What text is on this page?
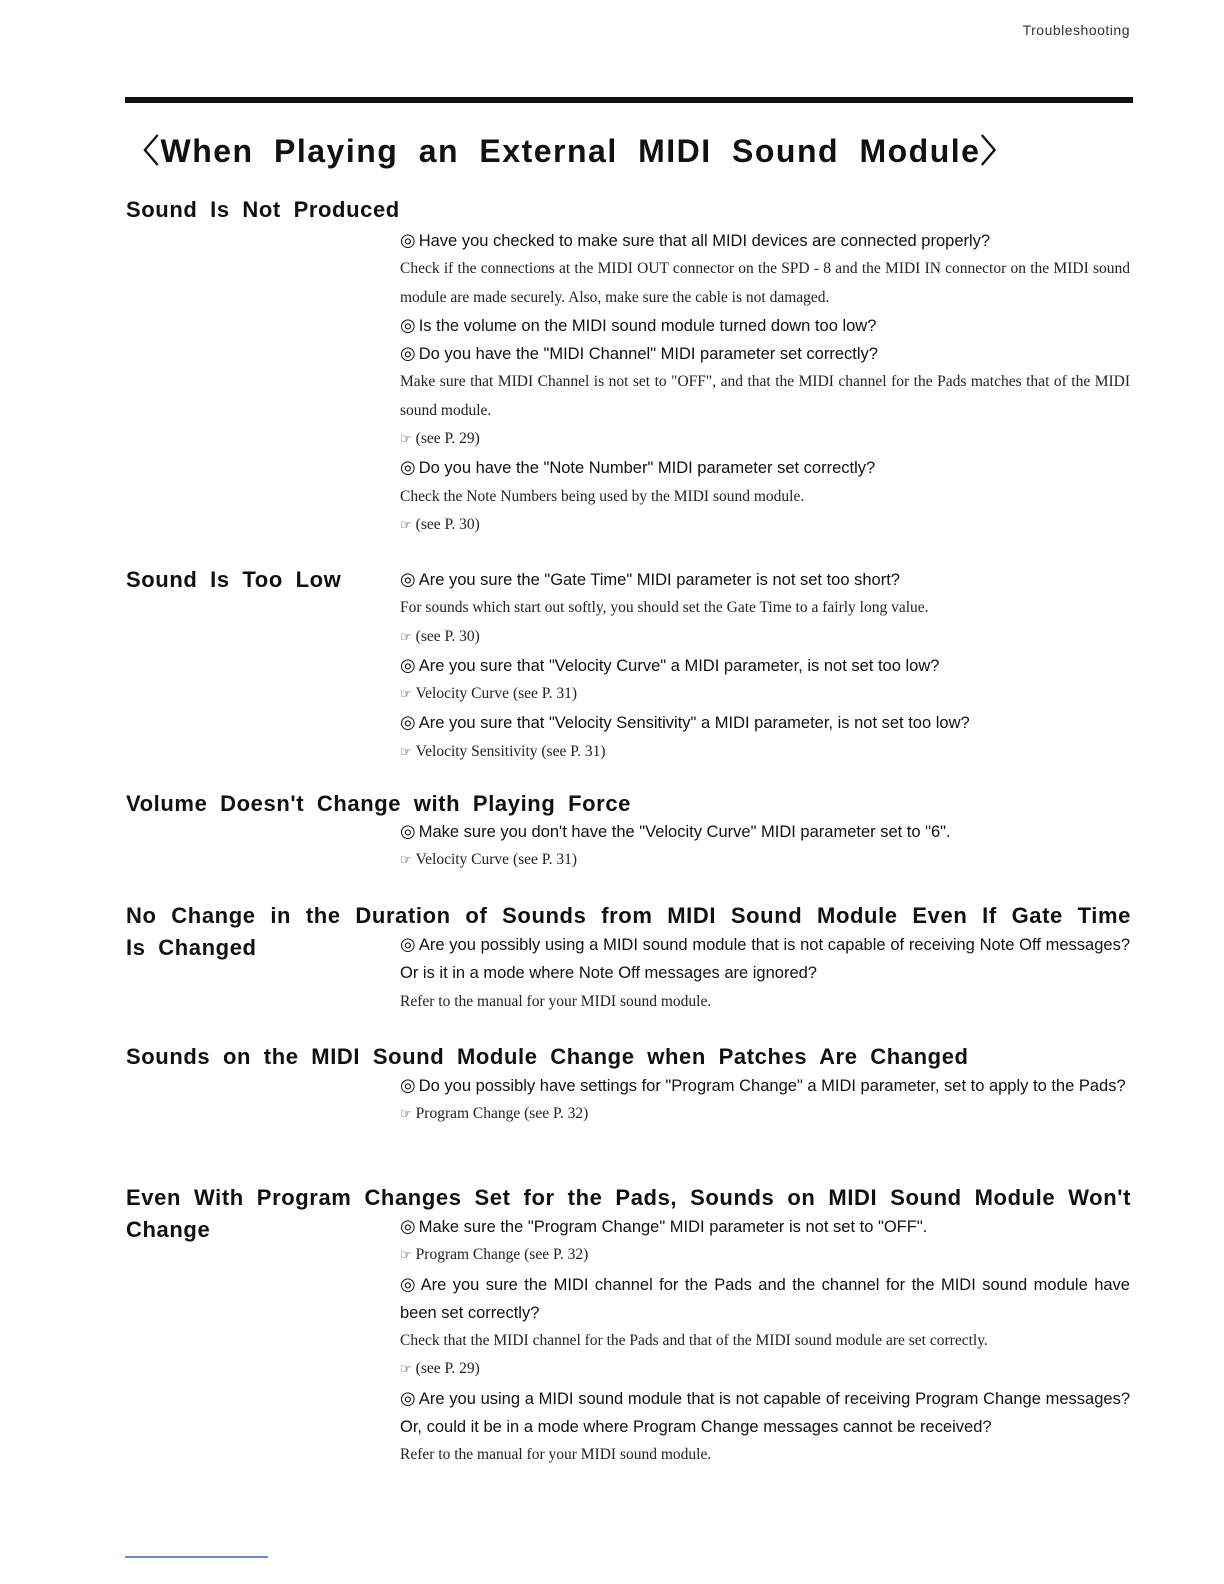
Troubleshooting
〈When Playing an External MIDI Sound Module〉
Sound Is Not Produced
◎ Have you checked to make sure that all MIDI devices are connected properly?
Check if the connections at the MIDI OUT connector on the SPD - 8 and the MIDI IN connector on the MIDI sound module are made securely. Also, make sure the cable is not damaged.
◎ Is the volume on the MIDI sound module turned down too low?
◎ Do you have the "MIDI Channel" MIDI parameter set correctly?
Make sure that MIDI Channel is not set to "OFF", and that the MIDI channel for the Pads matches that of the MIDI sound module.
☞ (see P. 29)
◎ Do you have the "Note Number" MIDI parameter set correctly?
Check the Note Numbers being used by the MIDI sound module.
☞ (see P. 30)
Sound Is Too Low	◎ Are you sure the "Gate Time" MIDI parameter is not set too short?
For sounds which start out softly, you should set the Gate Time to a fairly long value.
☞ (see P. 30)
◎ Are you sure that "Velocity Curve" a MIDI parameter, is not set too low?
☞ Velocity Curve (see P. 31)
◎ Are you sure that "Velocity Sensitivity" a MIDI parameter, is not set too low?
☞ Velocity Sensitivity (see P. 31)
Volume Doesn't Change with Playing Force
◎ Make sure you don't have the "Velocity Curve" MIDI parameter set to "6".
☞ Velocity Curve (see P. 31)
No Change in the Duration of Sounds from MIDI Sound Module Even If Gate Time Is Changed	◎ Are you possibly using a MIDI sound module that is not capable of receiving Note Off messages? Or is it in a mode where Note Off messages are ignored?
Refer to the manual for your MIDI sound module.
Sounds on the MIDI Sound Module Change when Patches Are Changed
◎ Do you possibly have settings for "Program Change" a MIDI parameter, set to apply to the Pads?
☞ Program Change (see P. 32)
Even With Program Changes Set for the Pads, Sounds on MIDI Sound Module Won't Change	◎ Make sure the "Program Change" MIDI parameter is not set to "OFF".
☞ Program Change (see P. 32)
◎ Are you sure the MIDI channel for the Pads and the channel for the MIDI sound module have been set correctly?
Check that the MIDI channel for the Pads and that of the MIDI sound module are set correctly.
☞ (see P. 29)
◎ Are you using a MIDI sound module that is not capable of receiving Program Change messages? Or, could it be in a mode where Program Change messages cannot be received?
Refer to the manual for your MIDI sound module.
